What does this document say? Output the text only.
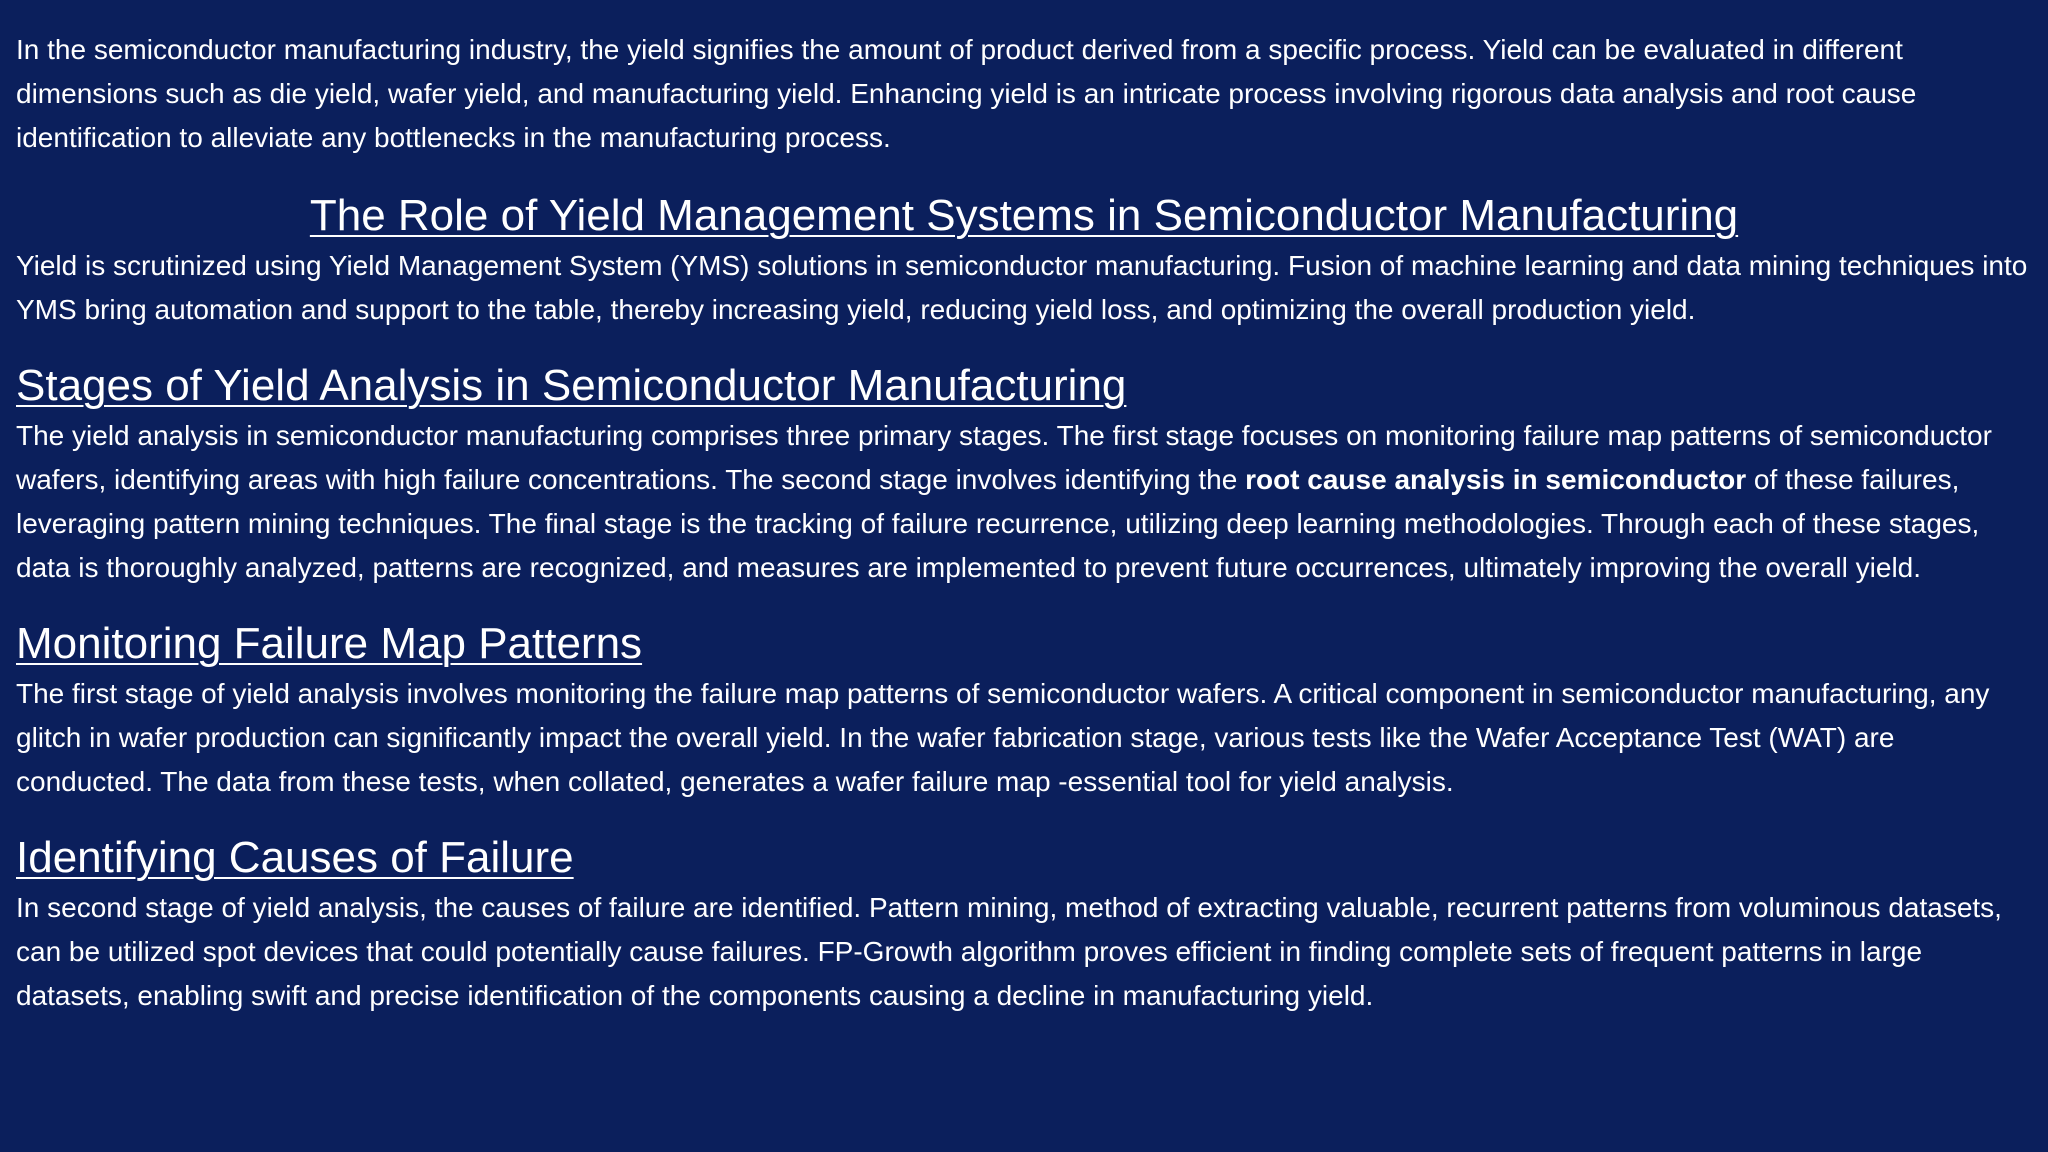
In the semiconductor manufacturing industry, the yield signifies the amount of product derived from a specific process. Yield can be evaluated in different dimensions such as die yield, wafer yield, and manufacturing yield. Enhancing yield is an intricate process involving rigorous data analysis and root cause identification to alleviate any bottlenecks in the manufacturing process.

The Role of Yield Management Systems in Semiconductor Manufacturing

Yield is scrutinized using Yield Management System (YMS) solutions in semiconductor manufacturing. Fusion of machine learning and data mining techniques into YMS bring automation and support to the table, thereby increasing yield, reducing yield loss, and optimizing the overall production yield.

Stages of Yield Analysis in Semiconductor Manufacturing

The yield analysis in semiconductor manufacturing comprises three primary stages. The first stage focuses on monitoring failure map patterns of semiconductor wafers, identifying areas with high failure concentrations. The second stage involves identifying the root cause analysis in semiconductor of these failures, leveraging pattern mining techniques. The final stage is the tracking of failure recurrence, utilizing deep learning methodologies. Through each of these stages, data is thoroughly analyzed, patterns are recognized, and measures are implemented to prevent future occurrences, ultimately improving the overall yield.

Monitoring Failure Map Patterns

The first stage of yield analysis involves monitoring the failure map patterns of semiconductor wafers. A critical component in semiconductor manufacturing, any glitch in wafer production can significantly impact the overall yield. In the wafer fabrication stage, various tests like the Wafer Acceptance Test (WAT) are conducted. The data from these tests, when collated, generates a wafer failure map -essential tool for yield analysis.

Identifying Causes of Failure

In second stage of yield analysis, the causes of failure are identified. Pattern mining, method of extracting valuable, recurrent patterns from voluminous datasets, can be utilized spot devices that could potentially cause failures. FP-Growth algorithm proves efficient in finding complete sets of frequent patterns in large datasets, enabling swift and precise identification of the components causing a decline in manufacturing yield.
